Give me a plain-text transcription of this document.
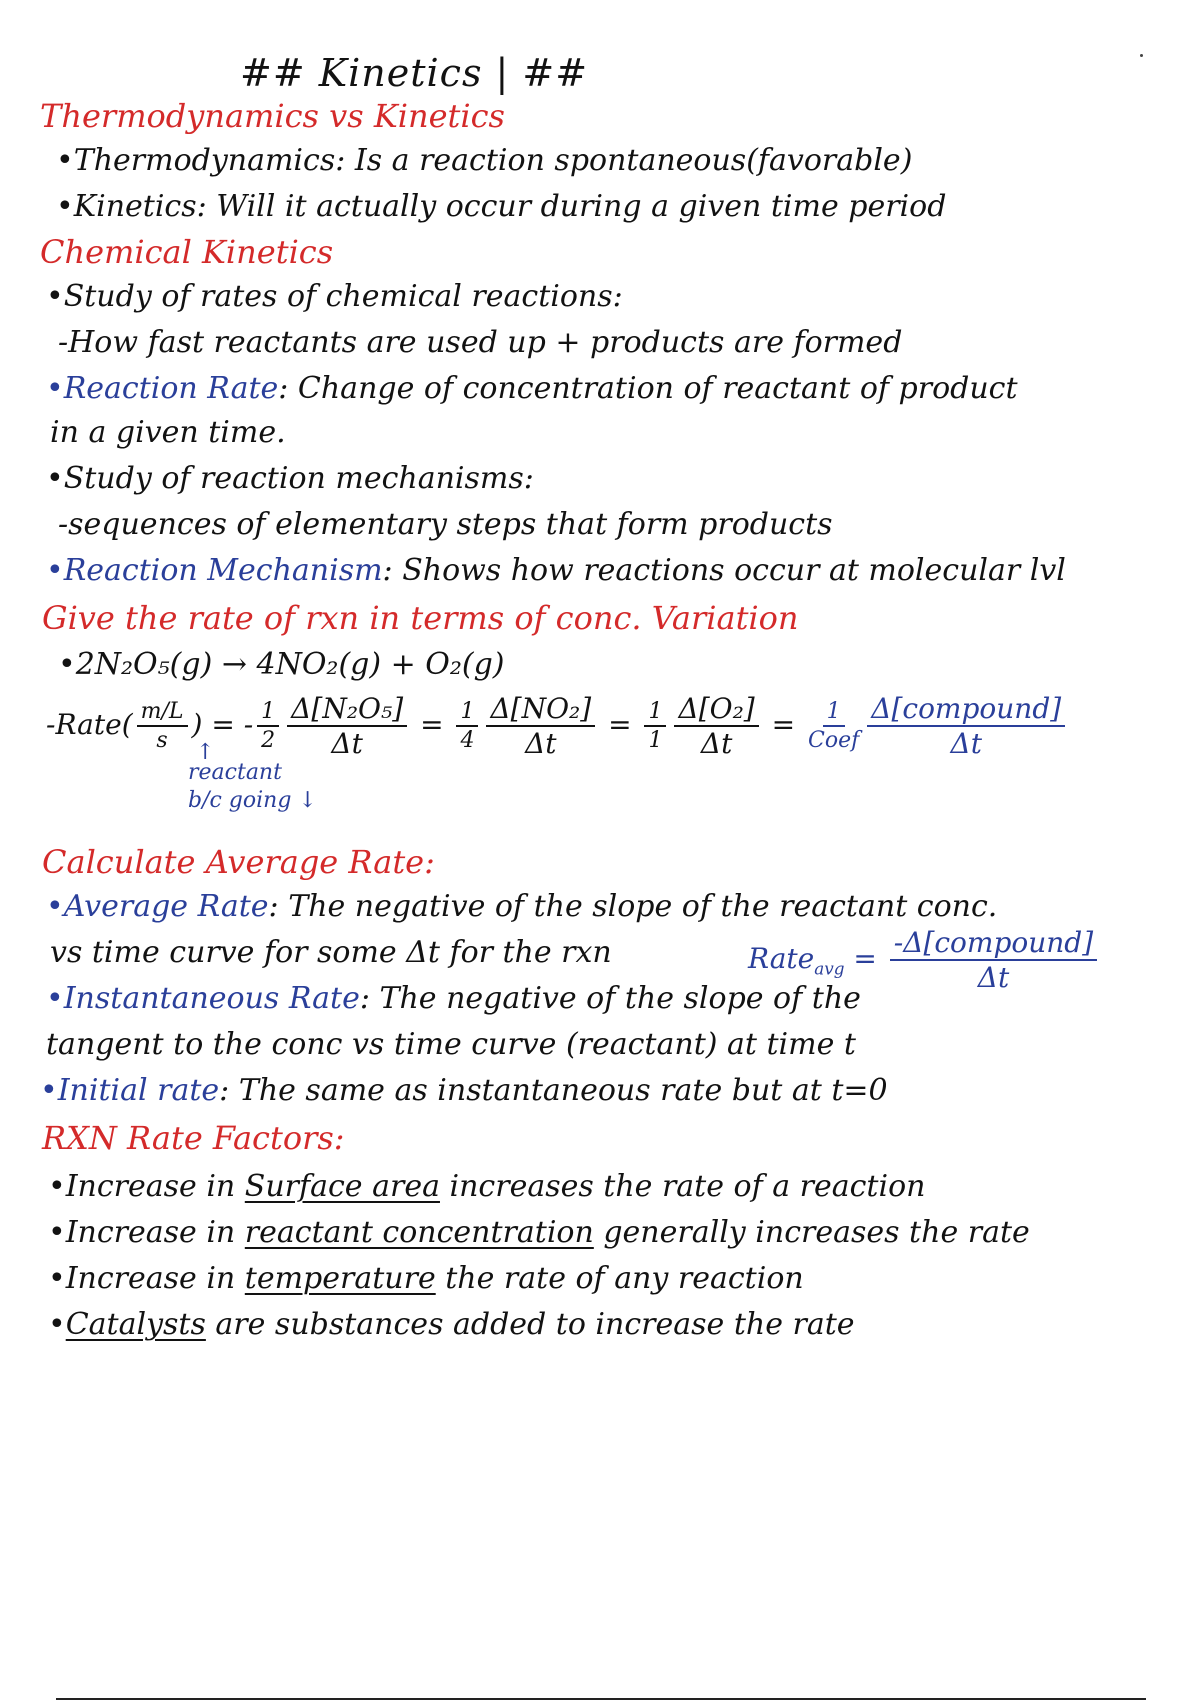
## Kinetics | ##
Thermodynamics vs Kinetics
•Thermodynamics: Is a reaction spontaneous(favorable)
•Kinetics: Will it actually occur during a given time period
Chemical Kinetics
•Study of rates of chemical reactions:
-How fast reactants are used up + products are formed
•Reaction Rate: Change of concentration of reactant of product
in a given time.
•Study of reaction mechanisms:
-sequences of elementary steps that form products
•Reaction Mechanism: Shows how reactions occur at molecular lvl
Give the rate of rxn in terms of conc. Variation
•2N₂O₅(g) → 4NO₂(g) + O₂(g)
-Rate( $\frac{m/L}{s}$ ) = - $\frac{1}{2} \frac{\text{Δ[N₂O₅]}}{\Delta t} = \frac{1}{4} \frac{\text{Δ[NO₂]}}{\Delta t} = \frac{1}{1} \frac{\text{Δ[O₂]}}{\Delta t} = \frac{1}{\text{Coef}} \frac{\text{Δ[compound]}}{\Delta t}$
↑
reactant
b/c going ↓
Calculate Average Rate:
•Average Rate: The negative of the slope of the reactant conc.
vs time curve for some Δt for the rxn	Rate$_{avg}$ = $\frac{\text{-Δ[compound]}}{\Delta t}$
•Instantaneous Rate: The negative of the slope of the
tangent to the conc vs time curve (reactant) at time t
•Initial rate: The same as instantaneous rate but at t=0
RXN Rate Factors:
•Increase in Surface area increases the rate of a reaction
•Increase in reactant concentration generally increases the rate
•Increase in temperature the rate of any reaction
•Catalysts are substances added to increase the rate
